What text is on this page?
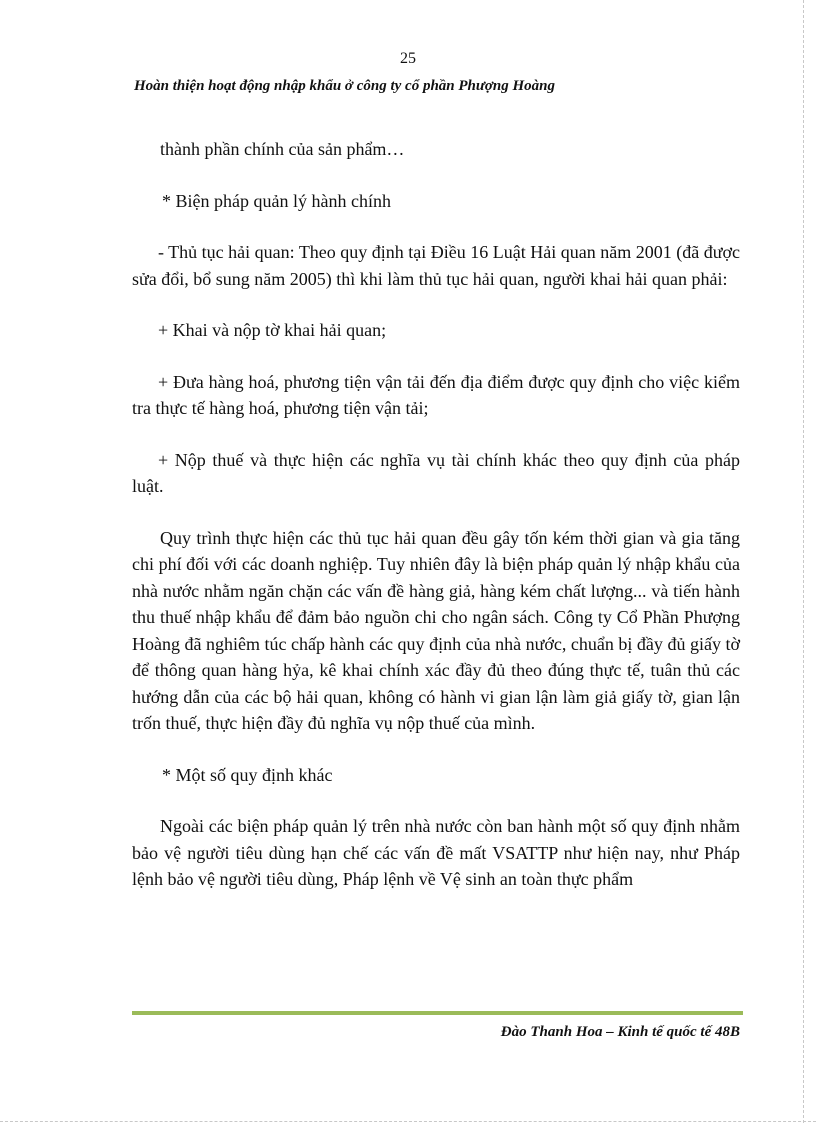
25
Hoàn thiện hoạt động nhập khẩu ở công ty cổ phần Phượng Hoàng

thành phần chính của sản phẩm…

* Biện pháp quản lý hành chính

- Thủ tục hải quan: Theo quy định tại Điều 16 Luật Hải quan năm 2001 (đã được sửa đổi, bổ sung năm 2005) thì khi làm thủ tục hải quan, người khai hải quan phải:

+ Khai và nộp tờ khai hải quan;

+ Đưa hàng hoá, phương tiện vận tải đến địa điểm được quy định cho việc kiểm tra thực tế hàng hoá, phương tiện vận tải;

+ Nộp thuế và thực hiện các nghĩa vụ tài chính khác theo quy định của pháp luật.

Quy trình thực hiện các thủ tục hải quan đều gây tốn kém thời gian và gia tăng chi phí đối với các doanh nghiệp. Tuy nhiên đây là biện pháp quản lý nhập khẩu của nhà nước nhằm ngăn chặn các vấn đề hàng giả, hàng kém chất lượng... và tiến hành thu thuế nhập khẩu để đảm bảo nguồn chi cho ngân sách. Công ty Cổ Phần Phượng Hoàng đã nghiêm túc chấp hành các quy định của nhà nước, chuẩn bị đầy đủ giấy tờ để thông quan hàng hỷa, kê khai chính xác đầy đủ theo đúng thực tế, tuân thủ các hướng dẫn của các bộ hải quan, không có hành vi gian lận làm giả giấy tờ, gian lận trốn thuế, thực hiện đầy đủ nghĩa vụ nộp thuế của mình.

* Một số quy định khác

Ngoài các biện pháp quản lý trên nhà nước còn ban hành một số quy định nhằm bảo vệ người tiêu dùng hạn chế các vấn đề mất VSATTP như hiện nay, như Pháp lệnh bảo vệ người tiêu dùng, Pháp lệnh về Vệ sinh an toàn thực phẩm

Đào Thanh Hoa – Kinh tế quốc tế 48B
